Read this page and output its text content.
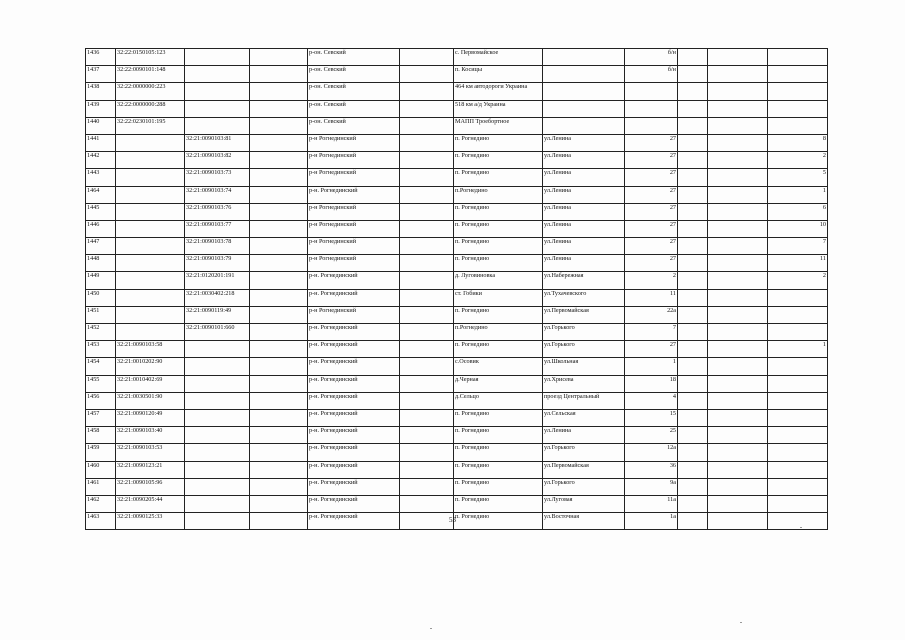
1436	32:22:0150105:123			р-он. Севский		с. Первомайское		б/н			
1437	32:22:0090101:148			р-он. Севский		п. Косицы		б/н			
1438	32:22:0000000:223			р-он. Севский		464 км автодороги Украина					
1439	32:22:0000000:288			р-он. Севский		518 км а/д Украина					
1440	32:22:0230101:195			р-он. Севский		МАПП Троебортное					
1441		32:21:0090103:81		р-н Рогнединский		п. Рогнедино	ул.Ленина	27			8
1442		32:21:0090103:82		р-н Рогнединский		п. Рогнедино	ул.Ленина	27			2
1443		32:21:0090103:73		р-н Рогнединский		п. Рогнедино	ул.Ленина	27			5
1464		32:21:0090103:74		р-н. Рогнединский		п.Рогнедино	ул.Ленина	27			1
1445		32:21:0090103:76		р-н Рогнединский		п. Рогнедино	ул.Ленина	27			6
1446		32:21:0090103:77		р-н Рогнединский		п. Рогнедино	ул.Ленина	27			10
1447		32:21:0090103:78		р-н Рогнединский		п. Рогнедино	ул.Ленина	27			7
1448		32:21:0090103:79		р-н Рогнединский		п. Рогнедино	ул.Ленина	27			11
1449		32:21:0120201:191		р-н. Рогнединский		д. Луговиновка	ул.Набережная	2			2
1450		32:21:0030402:218		р-н. Рогнединский		ст. Гобики	ул.Тухачевского	11			
1451		32:21:0090119:49		р-н Рогнединский		п. Рогнедино	ул.Первомайская	22а			
1452		32:21:0090101:660		р-н. Рогнединский		п.Рогнедино	ул.Горького	7			
1453	32:21:0090103:58			р-н. Рогнединский		п. Рогнедино	ул.Горького	27			1
1454	32:21:0010202:90			р-н. Рогнединский		с.Осовик	ул.Школьная	1			
1455	32:21:0010402:69			р-н. Рогнединский		д.Черная	ул.Хрисева	18			
1456	32:21:0030501:90			р-н. Рогнединский		д.Сельцо	проезд Центральный	4			
1457	32:21:0090120:49			р-н. Рогнединский		п. Рогнедино	ул.Сельская	15			
1458	32:21:0090103:40			р-н. Рогнединский		п. Рогнедино	ул.Ленина	25			
1459	32:21:0090103:53			р-н. Рогнединский		п. Рогнедино	ул.Горького	12а			
1460	32:21:0090123:21			р-н. Рогнединский		п. Рогнедино	ул.Первомайская	36			
1461	32:21:0090105:96			р-н. Рогнединский		п. Рогнедино	ул.Горького	9а			
1462	32:21:0090205:44			р-н. Рогнединский		п. Рогнедино	ул.Луговая	11а			
1463	32:21:0090125:33			р-н. Рогнединский		п. Рогнедино	ул.Восточная	1а			
53
